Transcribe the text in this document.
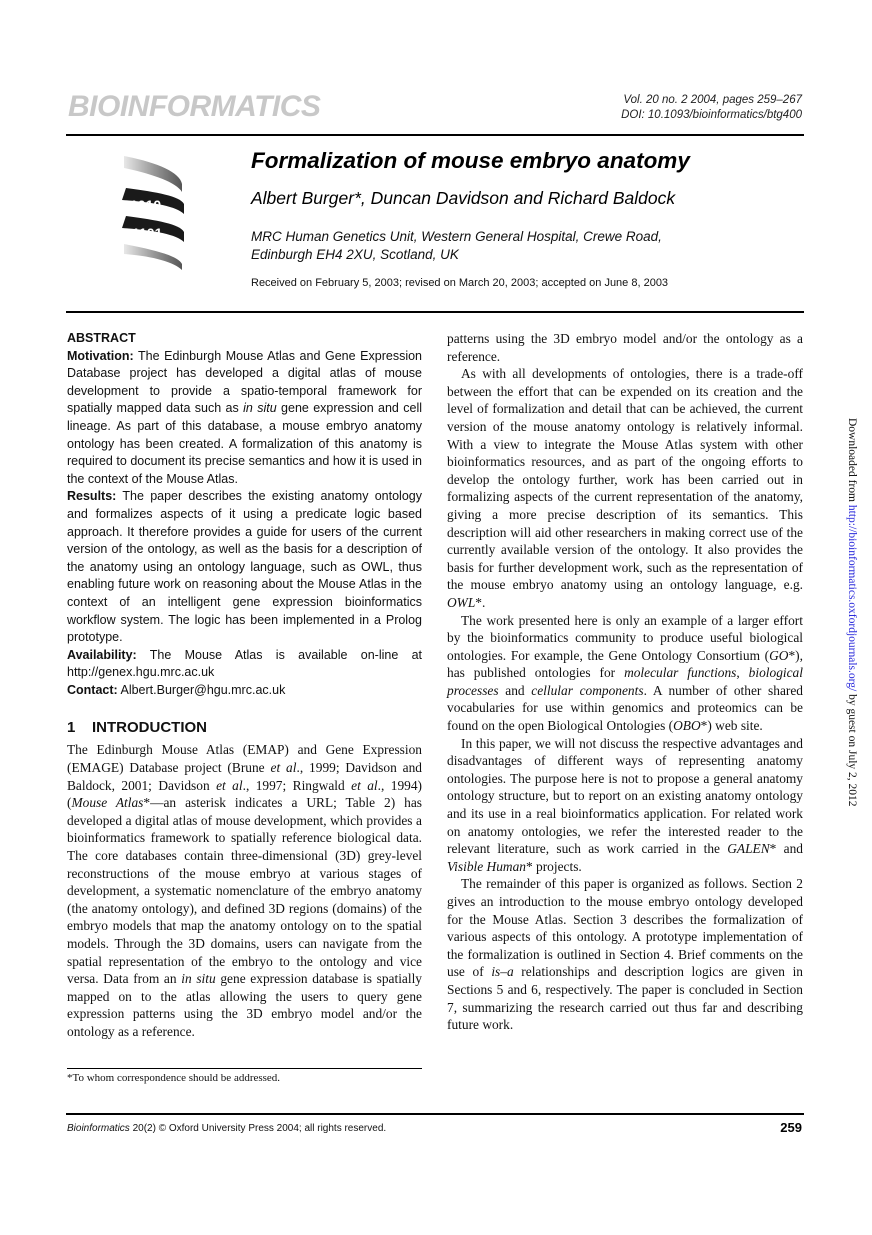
BIOINFORMATICS	Vol. 20 no. 2 2004, pages 259–267
DOI: 10.1093/bioinformatics/btg400
1010
1101
Formalization of mouse embryo anatomy
Albert Burger*, Duncan Davidson and Richard Baldock
MRC Human Genetics Unit, Western General Hospital, Crewe Road,
Edinburgh EH4 2XU, Scotland, UK
Received on February 5, 2003; revised on March 20, 2003; accepted on June 8, 2003

ABSTRACT

Motivation: The Edinburgh Mouse Atlas and Gene Expression Database project has developed a digital atlas of mouse development to provide a spatio-temporal framework for spatially mapped data such as in situ gene expression and cell lineage. As part of this database, a mouse embryo anatomy ontology has been created. A formalization of this anatomy is required to document its precise semantics and how it is used in the context of the Mouse Atlas.

Results: The paper describes the existing anatomy ontology and formalizes aspects of it using a predicate logic based approach. It therefore provides a guide for users of the current version of the ontology, as well as the basis for a description of the anatomy using an ontology language, such as OWL, thus enabling future work on reasoning about the Mouse Atlas in the context of an intelligent gene expression bioinformatics workflow system. The logic has been implemented in a Prolog prototype.

Availability: The Mouse Atlas is available on-line at http://genex.hgu.mrc.ac.uk

Contact: Albert.Burger@hgu.mrc.ac.uk

1 INTRODUCTION

The Edinburgh Mouse Atlas (EMAP) and Gene Expression (EMAGE) Database project (Brune et al., 1999; Davidson and Baldock, 2001; Davidson et al., 1997; Ringwald et al., 1994) (Mouse Atlas*—an asterisk indicates a URL; Table 2) has developed a digital atlas of mouse development, which provides a bioinformatics framework to spatially reference biological data. The core databases contain three-dimensional (3D) grey-level reconstructions of the mouse embryo at various stages of development, a systematic nomenclature of the embryo anatomy (the anatomy ontology), and defined 3D regions (domains) of the embryo models that map the anatomy ontology on to the spatial models. Through the 3D domains, users can navigate from the spatial representation of the embryo to the ontology and vice versa. Data from an in situ gene expression database is spatially mapped on to the atlas allowing the users to query gene expression patterns using the 3D embryo model and/or the ontology as a reference.

patterns using the 3D embryo model and/or the ontology as a reference.

As with all developments of ontologies, there is a trade-off between the effort that can be expended on its creation and the level of formalization and detail that can be achieved, the current version of the mouse anatomy ontology is relatively informal. With a view to integrate the Mouse Atlas system with other bioinformatics resources, and as part of the ongoing efforts to develop the ontology further, work has been carried out in formalizing aspects of the current representation of the anatomy, giving a more precise description of its semantics. This description will aid other researchers in making correct use of the currently available version of the ontology. It also provides the basis for further development work, such as the representation of the mouse embryo anatomy using an ontology language, e.g. OWL*.

The work presented here is only an example of a larger effort by the bioinformatics community to produce useful biological ontologies. For example, the Gene Ontology Consortium (GO*), has published ontologies for molecular functions, biological processes and cellular components. A number of other shared vocabularies for use within genomics and proteomics can be found on the open Biological Ontologies (OBO*) web site.

In this paper, we will not discuss the respective advantages and disadvantages of different ways of representing anatomy ontologies. The purpose here is not to propose a general anatomy ontology structure, but to report on an existing anatomy ontology and its use in a real bioinformatics application. For related work on anatomy ontologies, we refer the interested reader to the relevant literature, such as work carried in the GALEN* and Visible Human* projects.

The remainder of this paper is organized as follows. Section 2 gives an introduction to the mouse embryo ontology developed for the Mouse Atlas. Section 3 describes the formalization of various aspects of this ontology. A prototype implementation of the formalization is outlined in Section 4. Brief comments on the use of is–a relationships and description logics are given in Sections 5 and 6, respectively. The paper is concluded in Section 7, summarizing the research carried out thus far and describing future work.

*To whom correspondence should be addressed.
Bioinformatics 20(2) © Oxford University Press 2004; all rights reserved.	259
Downloaded from http://bioinformatics.oxfordjournals.org/ by guest on July 2, 2012
